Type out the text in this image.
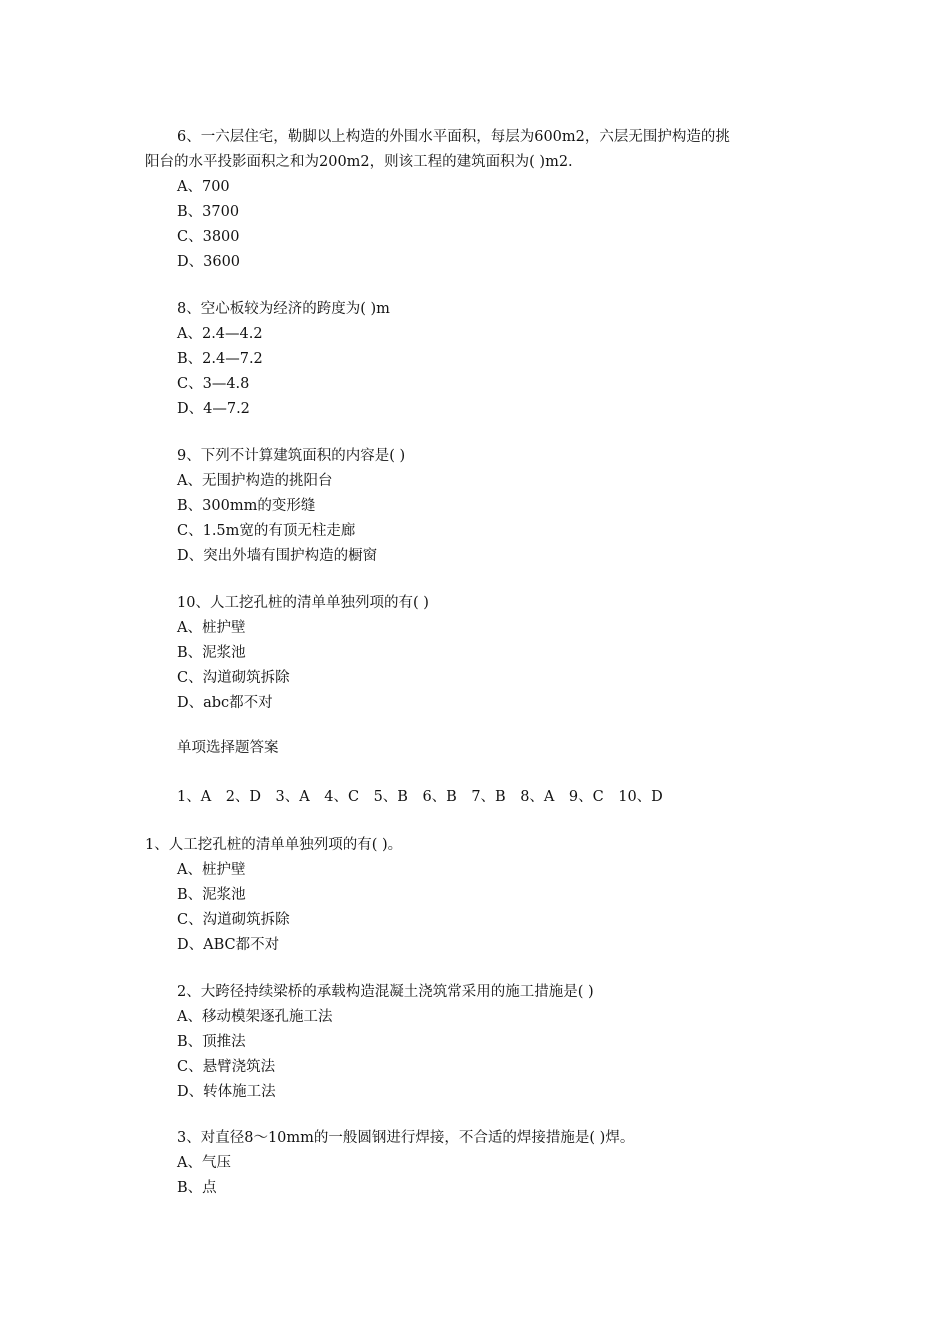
6、一六层住宅，勒脚以上构造的外围水平面积，每层为600m2，六层无围护构造的挑
阳台的水平投影面积之和为200m2，则该工程的建筑面积为( )m2.
A、700
B、3700
C、3800
D、3600
8、空心板较为经济的跨度为( )m
A、2.4—4.2
B、2.4—7.2
C、3—4.8
D、4—7.2
9、下列不计算建筑面积的内容是( )
A、无围护构造的挑阳台
B、300mm的变形缝
C、1.5m宽的有顶无柱走廊
D、突出外墙有围护构造的橱窗
10、人工挖孔桩的清单单独列项的有( )
A、桩护壁
B、泥浆池
C、沟道砌筑拆除
D、abc都不对
单项选择题答案
1、A　2、D　3、A　4、C　5、B　6、B　7、B　8、A　9、C　10、D
1、人工挖孔桩的清单单独列项的有( )。
A、桩护壁
B、泥浆池
C、沟道砌筑拆除
D、ABC都不对
2、大跨径持续梁桥的承载构造混凝土浇筑常采用的施工措施是( )
A、移动模架逐孔施工法
B、顶推法
C、悬臂浇筑法
D、转体施工法
3、对直径8～10mm的一般圆钢进行焊接，不合适的焊接措施是( )焊。
A、气压
B、点
